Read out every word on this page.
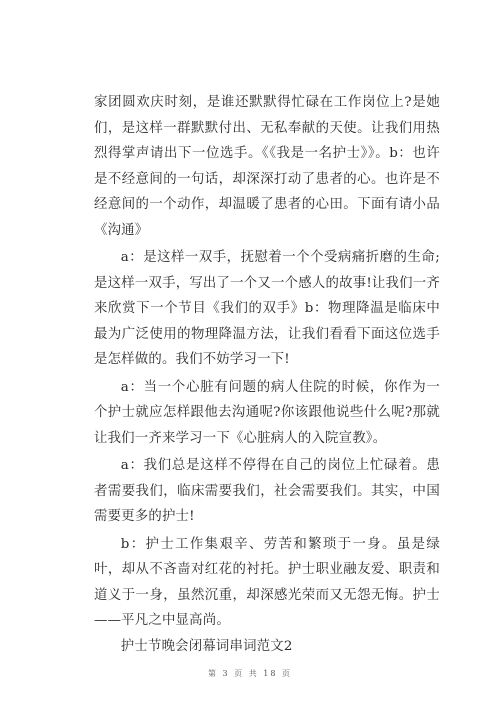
家团圆欢庆时刻，是谁还默默得忙碌在工作岗位上?是她们，是这样一群默默付出、无私奉献的天使。让我们用热烈得掌声请出下一位选手。《《我是一名护士》》。b：也许是不经意间的一句话，却深深打动了患者的心。也许是不经意间的一个动作，却温暖了患者的心田。下面有请小品《沟通》

a：是这样一双手，抚慰着一个个受病痛折磨的生命;是这样一双手，写出了一个又一个感人的故事!让我们一齐来欣赏下一个节目《我们的双手》b：物理降温是临床中最为广泛使用的物理降温方法，让我们看看下面这位选手是怎样做的。我们不妨学习一下!

a：当一个心脏有问题的病人住院的时候，你作为一个护士就应怎样跟他去沟通呢?你该跟他说些什么呢?那就让我们一齐来学习一下《心脏病人的入院宣教》。

a：我们总是这样不停得在自己的岗位上忙碌着。患者需要我们，临床需要我们，社会需要我们。其实，中国需要更多的护士!

b：护士工作集艰辛、劳苦和繁琐于一身。虽是绿叶，却从不吝啬对红花的衬托。护士职业融友爱、职责和道义于一身，虽然沉重，却深感光荣而又无怨无悔。护士——平凡之中显高尚。

护士节晚会闭幕词串词范文2

第 3 页 共 18 页
